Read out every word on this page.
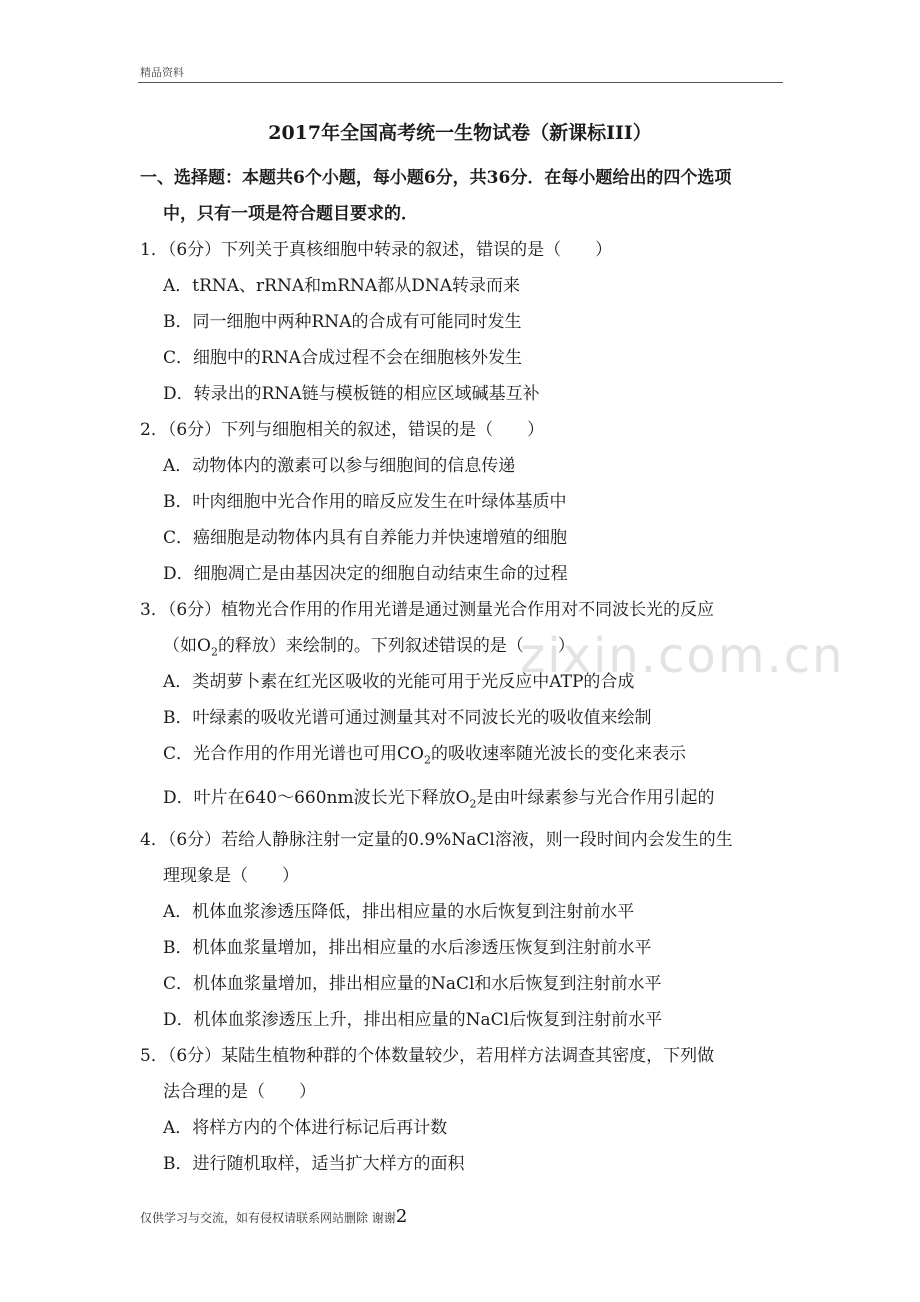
精品资料
2017年全国高考统一生物试卷（新课标III）
一、选择题：本题共6个小题，每小题6分，共36分．在每小题给出的四个选项
中，只有一项是符合题目要求的．
1．（6分）下列关于真核细胞中转录的叙述，错误的是（　　）
A．tRNA、rRNA和mRNA都从DNA转录而来
B．同一细胞中两种RNA的合成有可能同时发生
C．细胞中的RNA合成过程不会在细胞核外发生
D．转录出的RNA链与模板链的相应区域碱基互补
2．（6分）下列与细胞相关的叙述，错误的是（　　）
A．动物体内的激素可以参与细胞间的信息传递
B．叶肉细胞中光合作用的暗反应发生在叶绿体基质中
C．癌细胞是动物体内具有自养能力并快速增殖的细胞
D．细胞凋亡是由基因决定的细胞自动结束生命的过程
zixin.com.cn
3．（6分）植物光合作用的作用光谱是通过测量光合作用对不同波长光的反应
（如$O_2$的释放）来绘制的。下列叙述错误的是（　　）
A．类胡萝卜素在红光区吸收的光能可用于光反应中ATP的合成
B．叶绿素的吸收光谱可通过测量其对不同波长光的吸收值来绘制
C．光合作用的作用光谱也可用$CO_2$的吸收速率随光波长的变化来表示
D．叶片在640～660nm波长光下释放$O_2$是由叶绿素参与光合作用引起的
4．（6分）若给人静脉注射一定量的0.9%NaCl溶液，则一段时间内会发生的生
理现象是（　　）
A．机体血浆渗透压降低，排出相应量的水后恢复到注射前水平
B．机体血浆量增加，排出相应量的水后渗透压恢复到注射前水平
C．机体血浆量增加，排出相应量的NaCl和水后恢复到注射前水平
D．机体血浆渗透压上升，排出相应量的NaCl后恢复到注射前水平
5．（6分）某陆生植物种群的个体数量较少，若用样方法调查其密度，下列做
法合理的是（　　）
A．将样方内的个体进行标记后再计数
B．进行随机取样，适当扩大样方的面积
仅供学习与交流，如有侵权请联系网站删除 谢谢2
